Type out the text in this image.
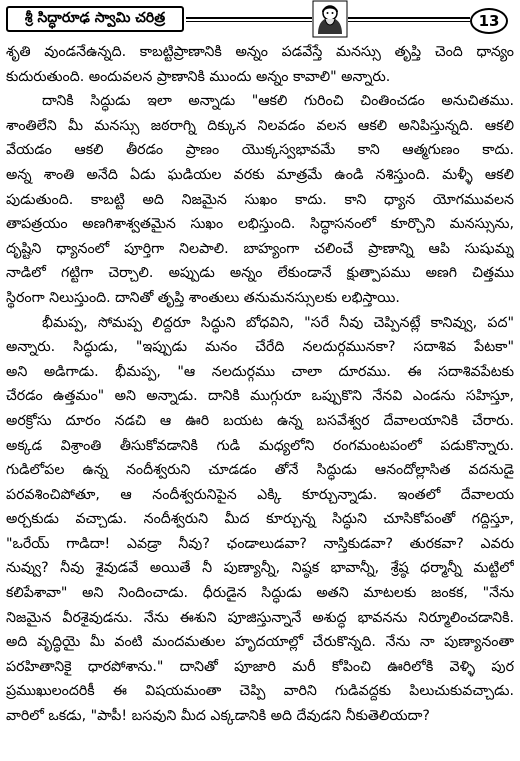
శ్రీ సిద్ధారూఢ స్వామి చరిత్ర	13
శృతి వుండనేఉన్నది. కాబట్టిప్రాణానికి అన్నం పడవేస్తే మనస్సు తృప్తి చెంది ధాన్యం
కుదురుతుంది. అందువలన ప్రాణానికి ముందు అన్నం కావాలి" అన్నారు.
దానికి సిద్ధుడు ఇలా అన్నాడు "ఆకలి గురించి చింతించడం అనుచితము.
శాంతిలేని మీ మనస్సు జఠరాగ్ని దిక్కున నిలవడం వలన ఆకలి అనిపిస్తున్నది. ఆకలి
వేయడం ఆకలి తీరడం ప్రాణం యొక్కస్వభావమే కాని ఆత్మగుణం కాదు.
అన్న శాంతి అనేది ఏడు ఘడియల వరకు మాత్రమే ఉండి నశిస్తుంది. మళ్ళీ ఆకలి
పుడుతుంది. కాబట్టి అది నిజమైన సుఖం కాదు. కాని ధ్యాన యోగమువలన
తాపత్రయం అణగిశాశ్వతమైన సుఖం లభిస్తుంది. సిద్ధాసనంలో కూర్చొని మనస్సును,
దృష్టిని ధ్యానంలో పూర్తిగా నిలపాలి. బాహ్యంగా చలించే ప్రాణాన్ని ఆపి సుషుమ్న
నాడిలో గట్టిగా చెర్చాలి. అప్పుడు అన్నం లేకుండానే క్షుత్పాపము అణగి చిత్తము
స్థిరంగా నిలుస్తుంది. దానితో తృప్తి శాంతులు తనుమనస్సులకు లభిస్తాయి.
భీమప్ప, సోమప్ప లిద్దరూ సిద్ధుని బోధవిని, "సరే నీవు చెప్పినట్లే కానివ్వు, పద"
అన్నారు. సిద్ధుడు, "ఇప్పుడు మనం చేరేది నలదుర్గమునకా? సదాశివ పేటకా"
అని అడిగాడు. భీమప్ప, "ఆ నలదుర్గము చాలా దూరము. ఈ సదాశివపేటకు
చేరడం ఉత్తమం" అని అన్నాడు. దానికి ముగ్గురూ ఒప్పుకొని నేనవి ఎండను సహిస్తూ,
అరక్రోసు దూరం నడచి ఆ ఊరి బయట ఉన్న బసవేశ్వర దేవాలయానికి చేరారు.
అక్కడ విశ్రాంతి తీసుకోవడానికి గుడి మధ్యలోని రంగమంటపంలో పడుకొన్నారు.
గుడిలోపల ఉన్న నందీశ్వరుని చూడడం తోనే సిద్ధుడు ఆనందోల్లాసిత వదనుడై
పరవశించిపోతూ, ఆ నందీశ్వరునిపైన ఎక్కి కూర్చున్నాడు. ఇంతలో దేవాలయ
అర్చకుడు వచ్చాడు. నందీశ్వరుని మీద కూర్చున్న సిద్ధుని చూసికోపంతో గద్దిస్తూ,
"ఒరేయ్ గాడిదా! ఎవడ్రా నీవు? ఛండాలుడవా? నాస్తికుడవా? తురకవా? ఎవరు
నువ్వు? నీవు శైవుడవే అయితే నీ పుణ్యాన్నీ, నిష్ఠక భావాన్నీ, శ్రేష్ఠ ధర్మాన్నీ మట్టిలో
కలిపేశావా" అని నిందించాడు. ధీరుడైన సిద్ధుడు అతని మాటలకు జంకక, "నేను
నిజమైన వీరశైవుడను. నేను ఈశుని పూజిస్తున్నానే అశుద్ధ భావనను నిర్మూలించడానికి.
అది వృద్ధియై మీ వంటి మందమతుల హృదయాల్లో చేరుకొన్నది. నేను నా పుణ్యానంతా
పరహితానికై ధారపోశాను." దానితో పూజారి మరీ కోపించి ఊరిలోకి వెళ్ళి పుర
ప్రముఖులందరికీ ఈ విషయమంతా చెప్పి వారిని గుడివద్దకు పిలుచుకువచ్చాడు.
వారిలో ఒకడు, "పాపీ! బసవుని మీద ఎక్కడానికి అది దేవుడని నీకుతెలియదా?
